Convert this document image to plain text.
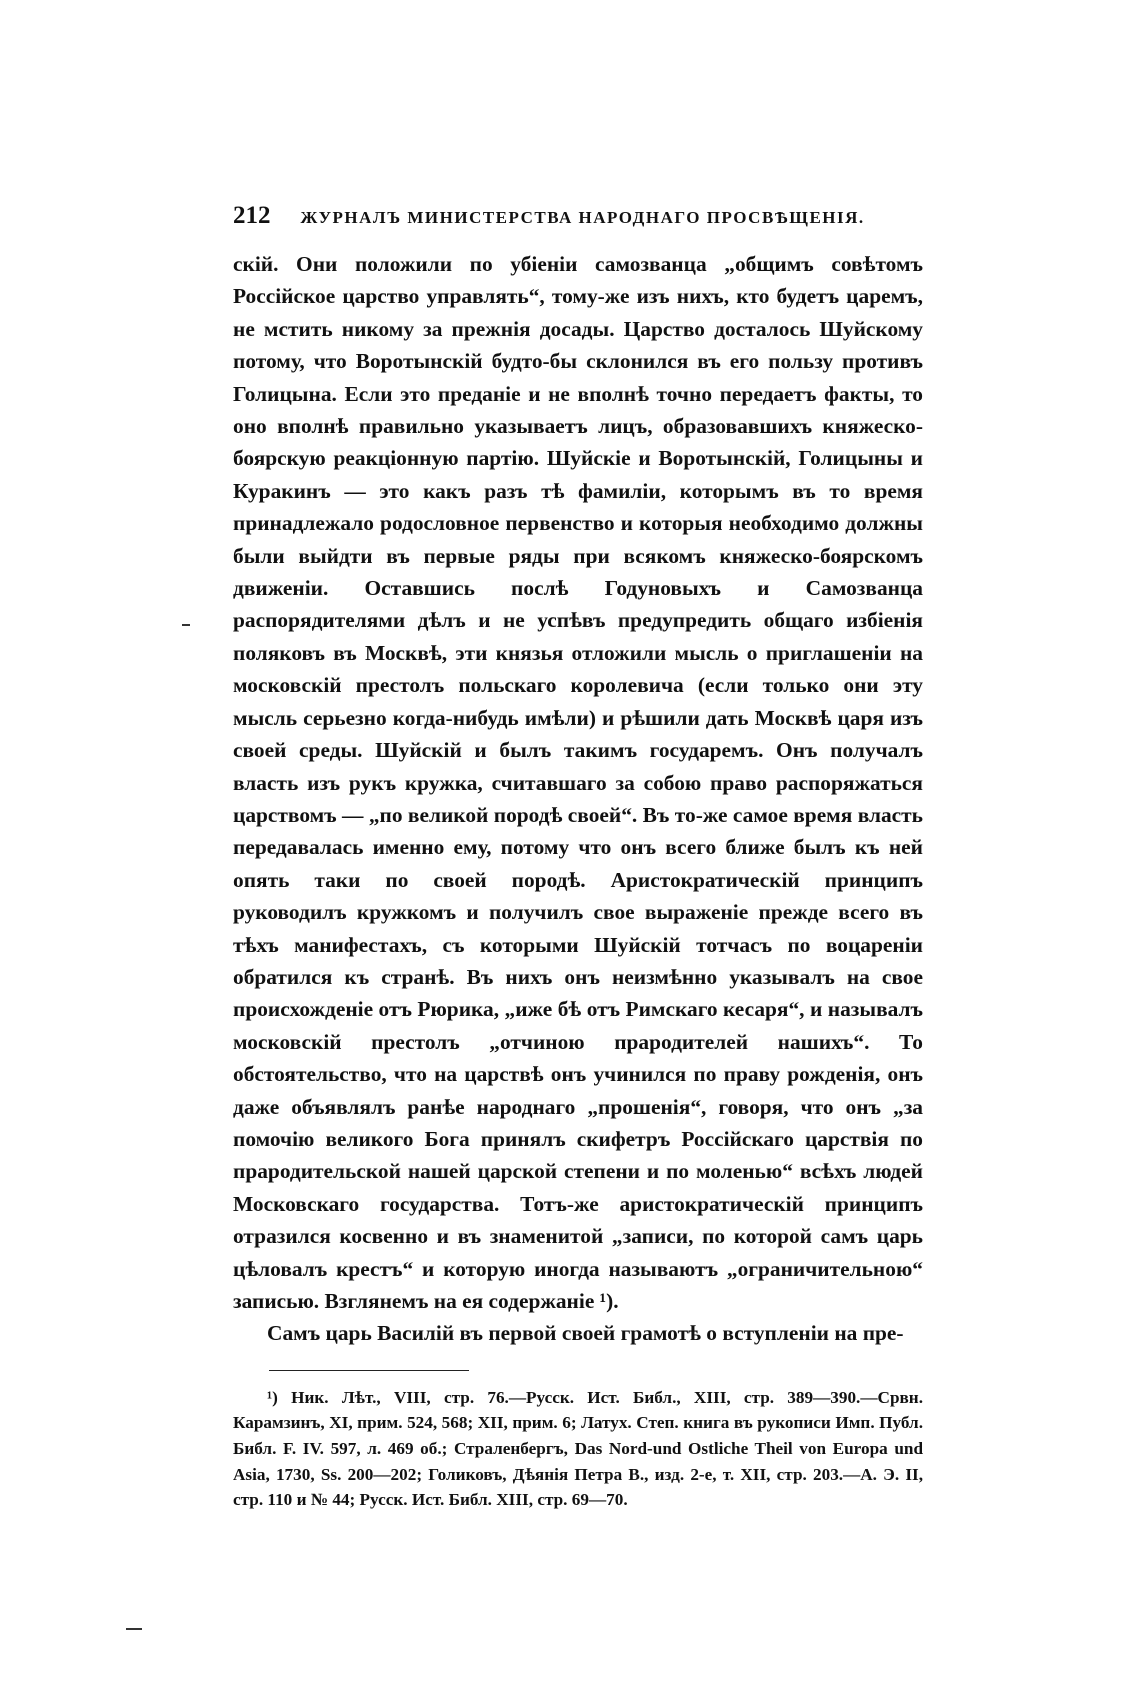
212 ЖУРНАЛЪ МИНИСТЕРСТВА НАРОДНАГО ПРОСВѢЩЕНІЯ.

скій. Они положили по убіеніи самозванца „общимъ совѣтомъ Россійское царство управлять“, тому-же изъ нихъ, кто будетъ царемъ, не мстить никому за прежнія досады. Царство досталось Шуйскому потому, что Воротынскій будто-бы склонился въ его пользу противъ Голицына. Если это преданіе и не вполнѣ точно передаетъ факты, то оно вполнѣ правильно указываетъ лицъ, образовавшихъ княжеско-боярскую реакціонную партію. Шуйскіе и Воротынскій, Голицыны и Куракинъ — это какъ разъ тѣ фамиліи, которымъ въ то время принадлежало родословное первенство и которыя необходимо должны были выйдти въ первые ряды при всякомъ княжеско-боярскомъ движеніи. Оставшись послѣ Годуновыхъ и Самозванца распорядителями дѣлъ и не успѣвъ предупредить общаго избіенія поляковъ въ Москвѣ, эти князья отложили мысль о приглашеніи на московскій престолъ польскаго королевича (если только они эту мысль серьезно когда-нибудь имѣли) и рѣшили дать Москвѣ царя изъ своей среды. Шуйскій и былъ такимъ государемъ. Онъ получалъ власть изъ рукъ кружка, считавшаго за собою право распоряжаться царствомъ — „по великой породѣ своей“. Въ то-же самое время власть передавалась именно ему, потому что онъ всего ближе былъ къ ней опять таки по своей породѣ. Аристократическій принципъ руководилъ кружкомъ и получилъ свое выраженіе прежде всего въ тѣхъ манифестахъ, съ которыми Шуйскій тотчасъ по воцареніи обратился къ странѣ. Въ нихъ онъ неизмѣнно указывалъ на свое происхожденіе отъ Рюрика, „иже бѣ отъ Римскаго кесаря“, и называлъ московскій престолъ „отчиною прародителей нашихъ“. То обстоятельство, что на царствѣ онъ учинился по праву рожденія, онъ даже объявлялъ ранѣе народнаго „прошенія“, говоря, что онъ „за помочію великого Бога принялъ скифетръ Россійскаго царствія по прародительской нашей царской степени и по моленью“ всѣхъ людей Московскаго государства. Тотъ-же аристократическій принципъ отразился косвенно и въ знаменитой „записи, по которой самъ царь цѣловалъ крестъ“ и которую иногда называютъ „ограничительною“ записью. Взглянемъ на ея содержаніе ¹).

Самъ царь Василій въ первой своей грамотѣ о вступленіи на пре-

¹) Ник. Лѣт., VIII, стр. 76.—Русск. Ист. Библ., XIII, стр. 389—390.—Срвн. Карамзинъ, XI, прим. 524, 568; XII, прим. 6; Латух. Степ. книга въ рукописи Имп. Публ. Библ. F. IV. 597, л. 469 об.; Страленбергъ, Das Nord-und Ostliche Theil von Europa und Asia, 1730, Ss. 200—202; Голиковъ, Дѣянія Петра В., изд. 2-е, т. XII, стр. 203.—А. Э. II, стр. 110 и № 44; Русск. Ист. Библ. XIII, стр. 69—70.
